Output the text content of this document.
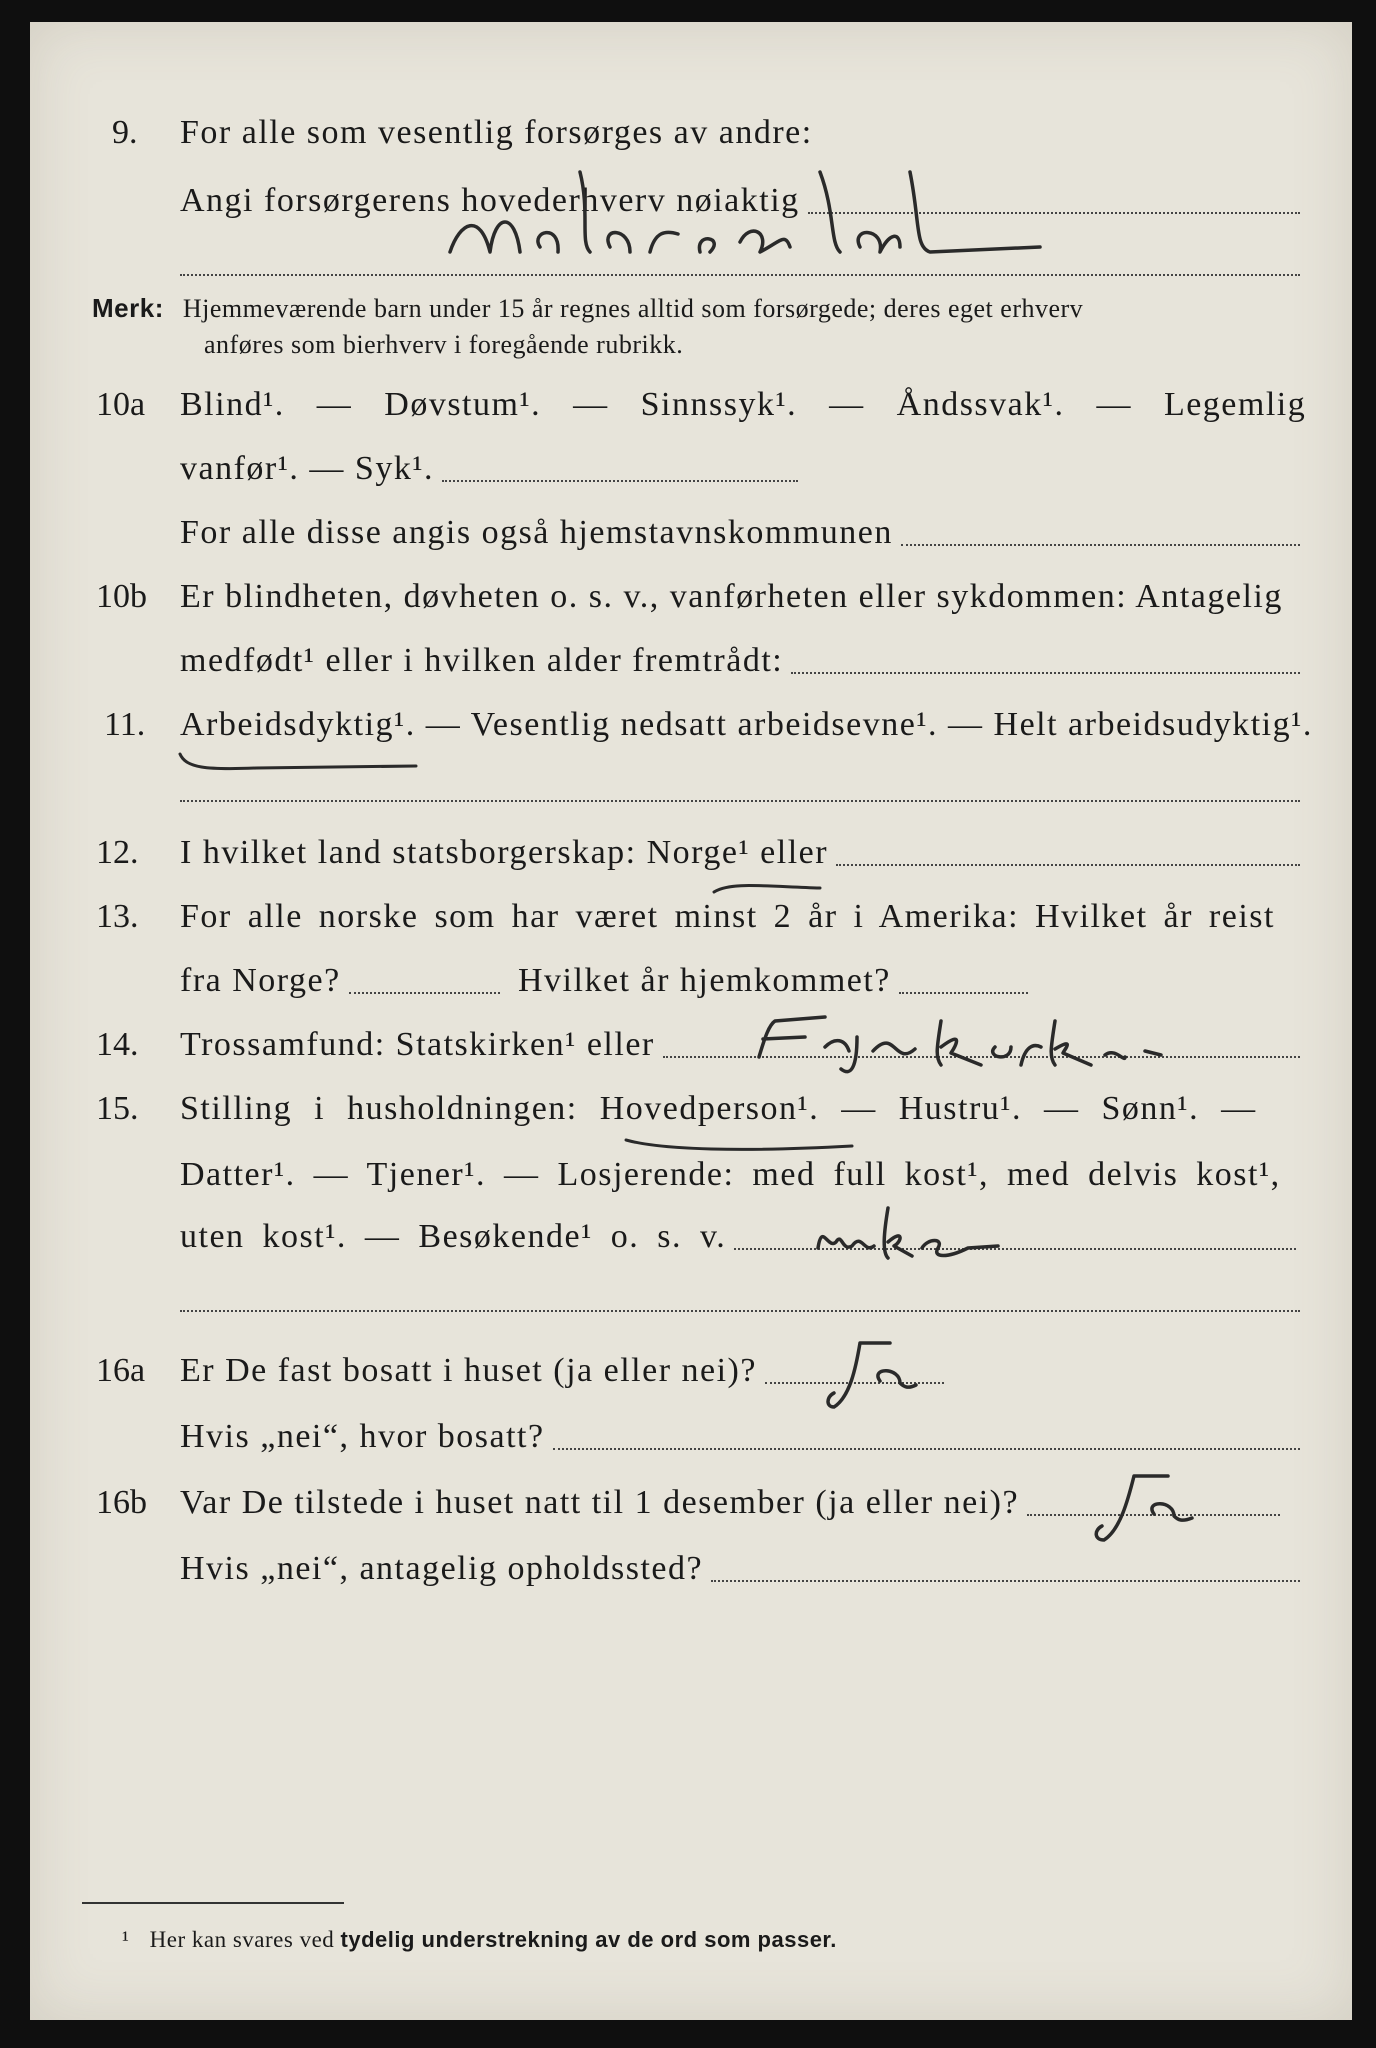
9. For alle som vesentlig forsørges av andre:
Angi forsørgerens hovederhverv nøiaktig
Merk: Hjemmeværende barn under 15 år regnes alltid som forsørgede; deres eget erhverv
anføres som bierhverv i foregående rubrikk.
10a Blind¹. — Døvstum¹. — Sinnssyk¹. — Åndssvak¹. — Legemlig
vanfør¹. — Syk¹.
For alle disse angis også hjemstavnskommunen
10b Er blindheten, døvheten o. s. v., vanførheten eller sykdommen: Antagelig
medfødt¹ eller i hvilken alder fremtrådt:
11. Arbeidsdyktig¹. — Vesentlig nedsatt arbeidsevne¹. — Helt arbeidsudyktig¹.
12. I hvilket land statsborgerskap: Norge¹ eller
13. For alle norske som har været minst 2 år i Amerika: Hvilket år reist
fra Norge?	Hvilket år hjemkommet?
14. Trossamfund: Statskirken¹ eller
15. Stilling i husholdningen: Hovedperson¹. — Hustru¹. — Sønn¹. —
Datter¹. — Tjener¹. — Losjerende: med full kost¹, med delvis kost¹,
uten kost¹. — Besøkende¹ o. s. v.
16a Er De fast bosatt i huset (ja eller nei)?
Hvis „nei“, hvor bosatt?
16b Var De tilstede i huset natt til 1 desember (ja eller nei)?
Hvis „nei“, antagelig opholdssted?
¹ Her kan svares ved tydelig understrekning av de ord som passer.
